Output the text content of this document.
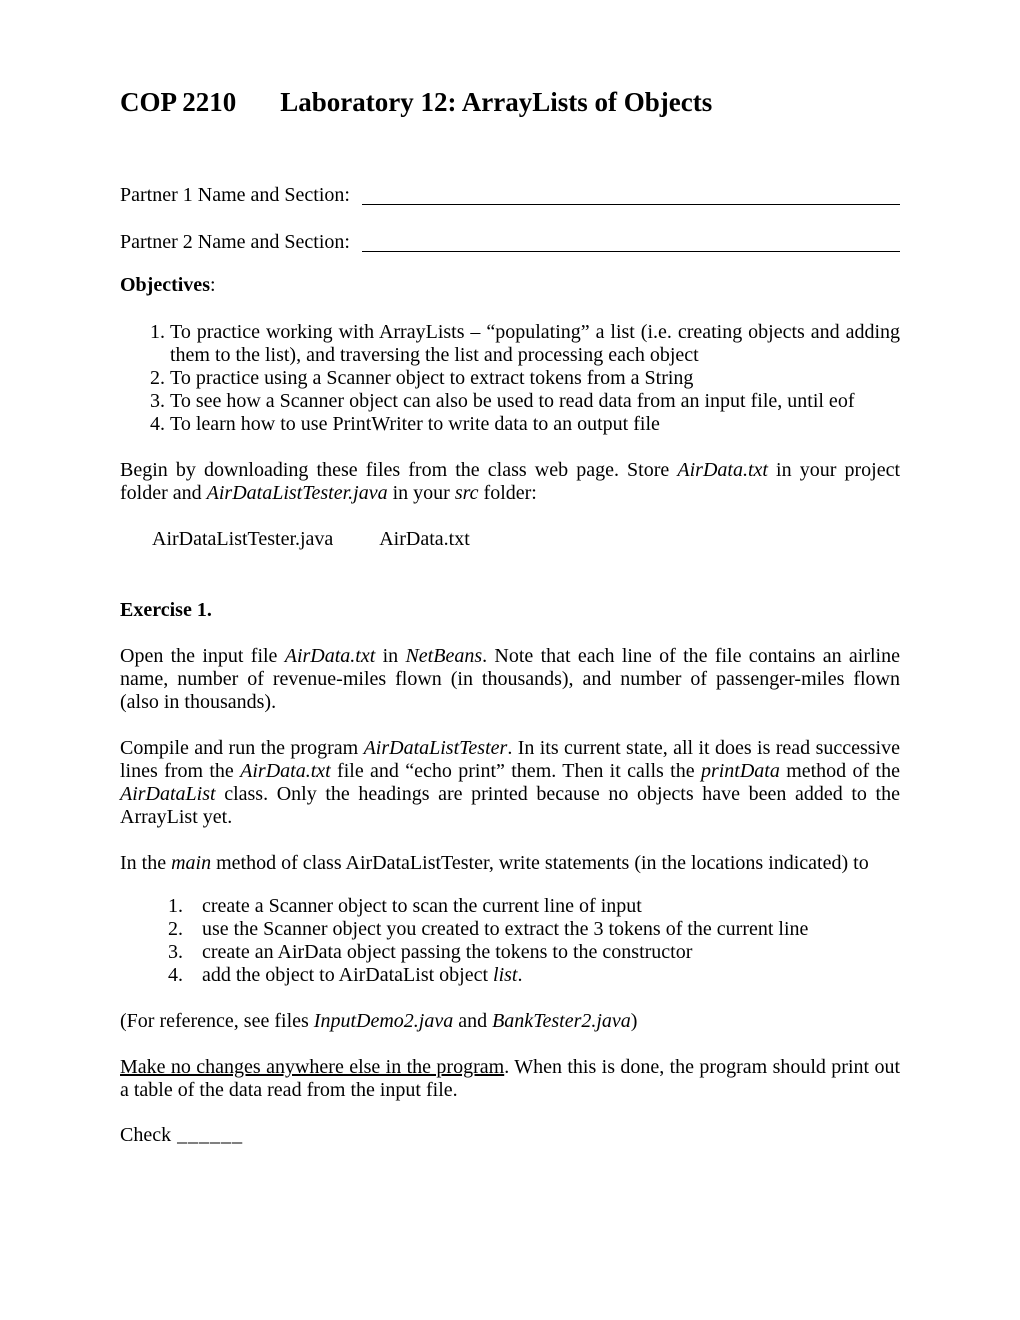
COP 2210 Laboratory 12: ArrayLists of Objects
Partner 1 Name and Section:
Partner 2 Name and Section:
Objectives:
1. To practice working with ArrayLists – “populating” a list (i.e. creating objects and adding them to the list), and traversing the list and processing each object
2. To practice using a Scanner object to extract tokens from a String
3. To see how a Scanner object can also be used to read data from an input file, until eof
4. To learn how to use PrintWriter to write data to an output file
Begin by downloading these files from the class web page. Store AirData.txt in your project folder and AirDataListTester.java in your src folder:
AirDataListTester.java AirData.txt
Exercise 1.
Open the input file AirData.txt in NetBeans. Note that each line of the file contains an airline name, number of revenue-miles flown (in thousands), and number of passenger-miles flown (also in thousands).
Compile and run the program AirDataListTester. In its current state, all it does is read successive lines from the AirData.txt file and “echo print” them. Then it calls the printData method of the AirDataList class. Only the headings are printed because no objects have been added to the ArrayList yet.
In the main method of class AirDataListTester, write statements (in the locations indicated) to
1. create a Scanner object to scan the current line of input
2. use the Scanner object you created to extract the 3 tokens of the current line
3. create an AirData object passing the tokens to the constructor
4. add the object to AirDataList object list.
(For reference, see files InputDemo2.java and BankTester2.java)
Make no changes anywhere else in the program. When this is done, the program should print out a table of the data read from the input file.
Check ______
